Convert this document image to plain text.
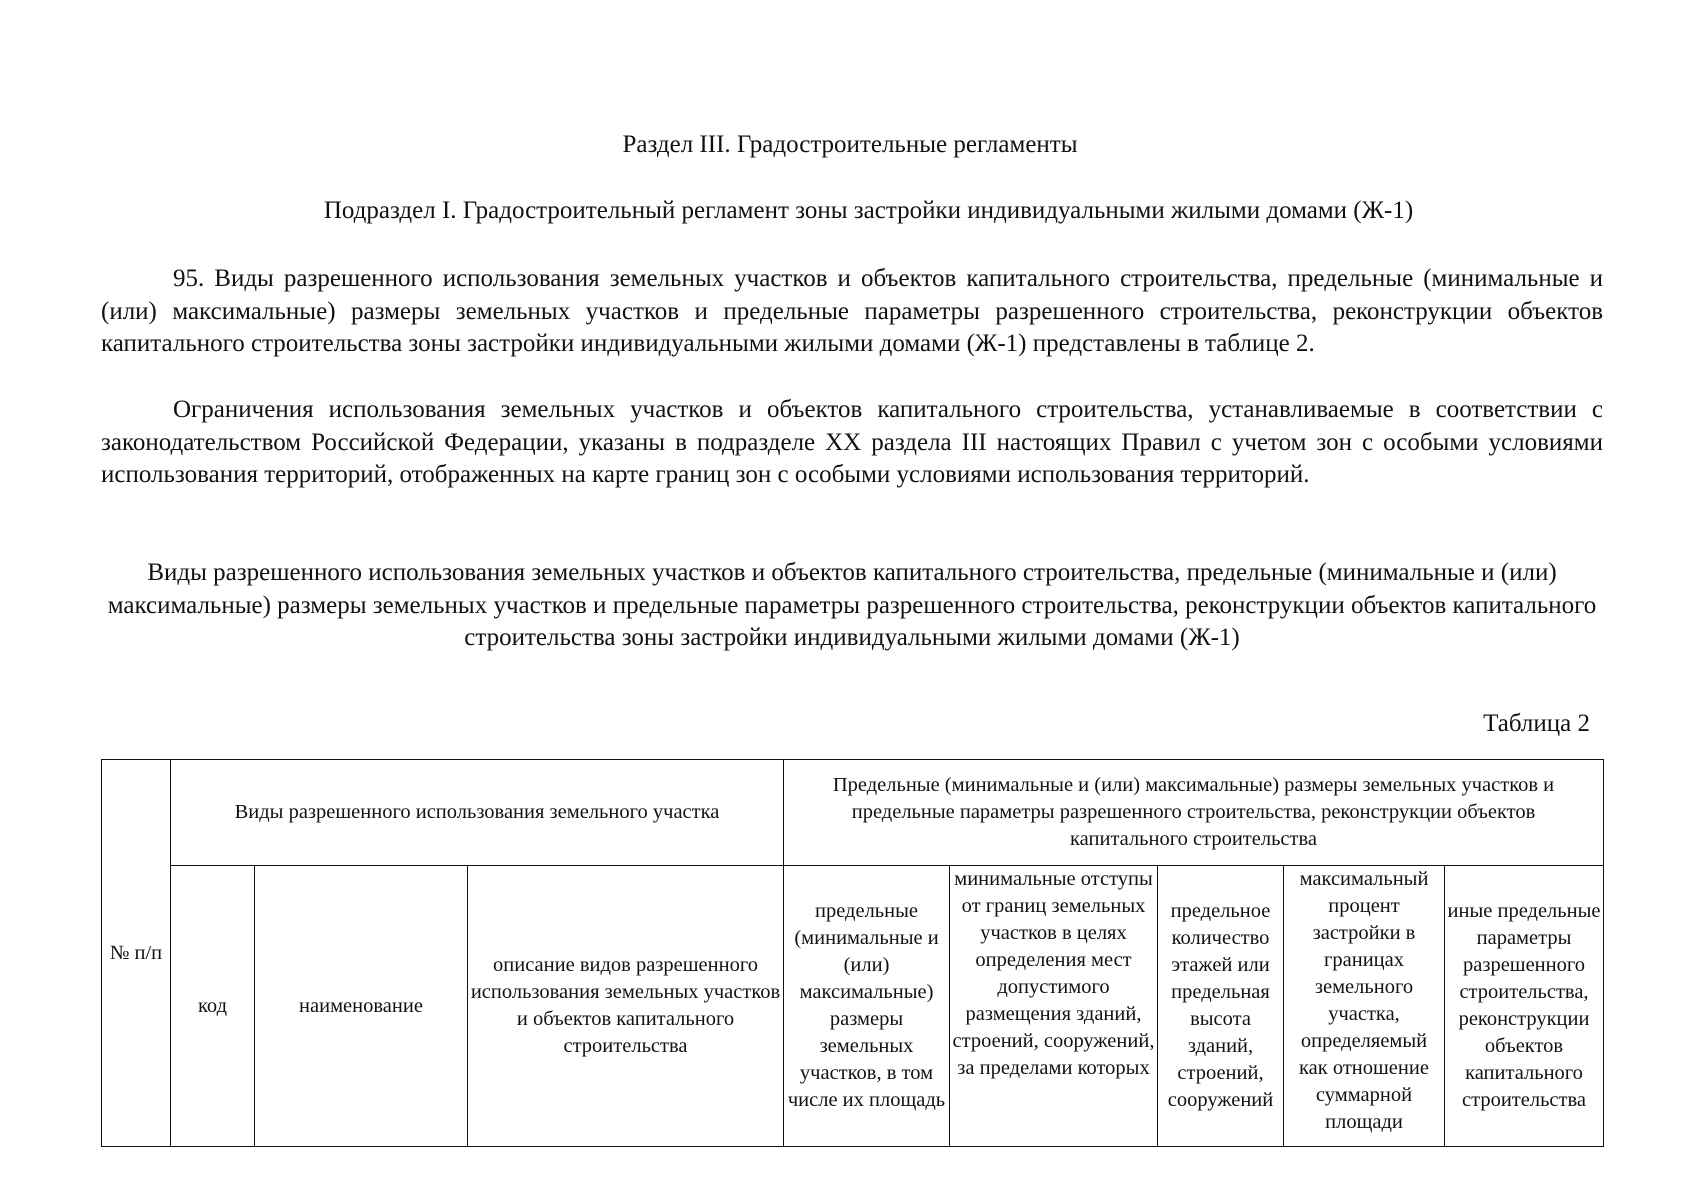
Раздел III. Градостроительные регламенты
Подраздел I. Градостроительный регламент зоны застройки индивидуальными жилыми домами (Ж-1)

95. Виды разрешенного использования земельных участков и объектов капитального строительства, предельные (минимальные и (или) максимальные) размеры земельных участков и предельные параметры разрешенного строительства, реконструкции объектов капитального строительства зоны застройки индивидуальными жилыми домами (Ж-1) представлены в таблице 2.

Ограничения использования земельных участков и объектов капитального строительства, устанавливаемые в соответствии с законодательством Российской Федерации, указаны в подразделе XX раздела III настоящих Правил с учетом зон с особыми условиями использования территорий, отображенных на карте границ зон с особыми условиями использования территорий.

Виды разрешенного использования земельных участков и объектов капитального строительства, предельные (минимальные и (или) максимальные) размеры земельных участков и предельные параметры разрешенного строительства, реконструкции объектов капитального строительства зоны застройки индивидуальными жилыми домами (Ж-1)
Таблица 2
№ п/п	Виды разрешенного использования земельного участка			Предельные (минимальные и (или) максимальные) размеры земельных участков и предельные параметры разрешенного строительства, реконструкции объектов капитального строительства				

	код	наименование	описание видов разрешенного использования земельных участков и объектов капитального строительства	предельные (минимальные и (или) максимальные) размеры земельных участков, в том числе их площадь	минимальные отступы от границ земельных участков в целях определения мест допустимого размещения зданий, строений, сооружений, за пределами которых	предельное количество этажей или предельная высота зданий, строений, сооружений	максимальный процент застройки в границах земельного участка, определяемый как отношение суммарной площади	иные предельные параметры разрешенного строительства, реконструкции объектов капитального строительства
